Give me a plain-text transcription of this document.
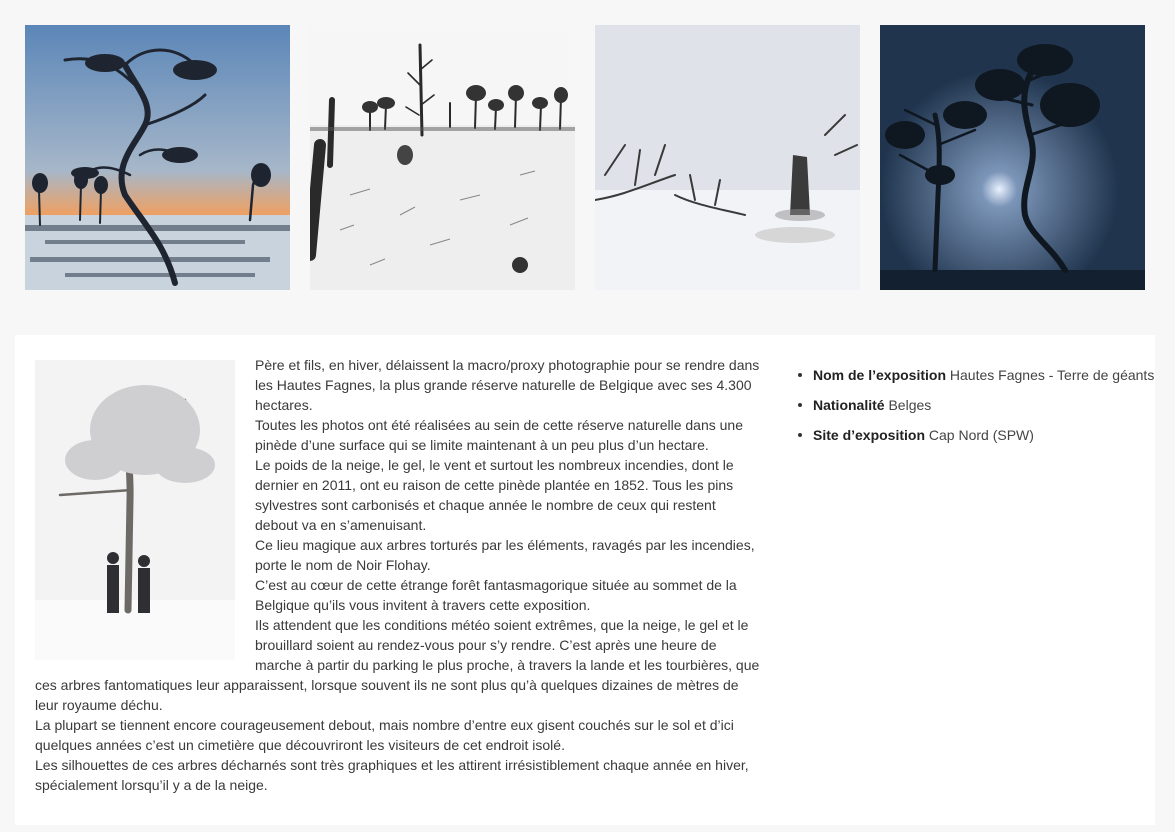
Père et fils, en hiver, délaissent la macro/proxy photographie pour se rendre dans les Hautes Fagnes, la plus grande réserve naturelle de Belgique avec ses 4.300 hectares.

Toutes les photos ont été réalisées au sein de cette réserve naturelle dans une pinède d’une surface qui se limite maintenant à un peu plus d’un hectare.

Le poids de la neige, le gel, le vent et surtout les nombreux incendies, dont le dernier en 2011, ont eu raison de cette pinède plantée en 1852. Tous les pins sylvestres sont carbonisés et chaque année le nombre de ceux qui restent debout va en s’amenuisant.

Ce lieu magique aux arbres torturés par les éléments, ravagés par les incendies, porte le nom de Noir Flohay.

C’est au cœur de cette étrange forêt fantasmagorique située au sommet de la Belgique qu’ils vous invitent à travers cette exposition.

Ils attendent que les conditions météo soient extrêmes, que la neige, le gel et le brouillard soient au rendez-vous pour s’y rendre. C’est après une heure de marche à partir du parking le plus proche, à travers la lande et les tourbières, que ces arbres fantomatiques leur apparaissent, lorsque souvent ils ne sont plus qu’à quelques dizaines de mètres de leur royaume déchu.

La plupart se tiennent encore courageusement debout, mais nombre d’entre eux gisent couchés sur le sol et d’ici quelques années c’est un cimetière que découvriront les visiteurs de cet endroit isolé.

Les silhouettes de ces arbres décharnés sont très graphiques et les attirent irrésistiblement chaque année en hiver, spécialement lorsqu’il y a de la neige.

Nom de l’exposition Hautes Fagnes - Terre de géants
Nationalité Belges
Site d’exposition Cap Nord (SPW)
